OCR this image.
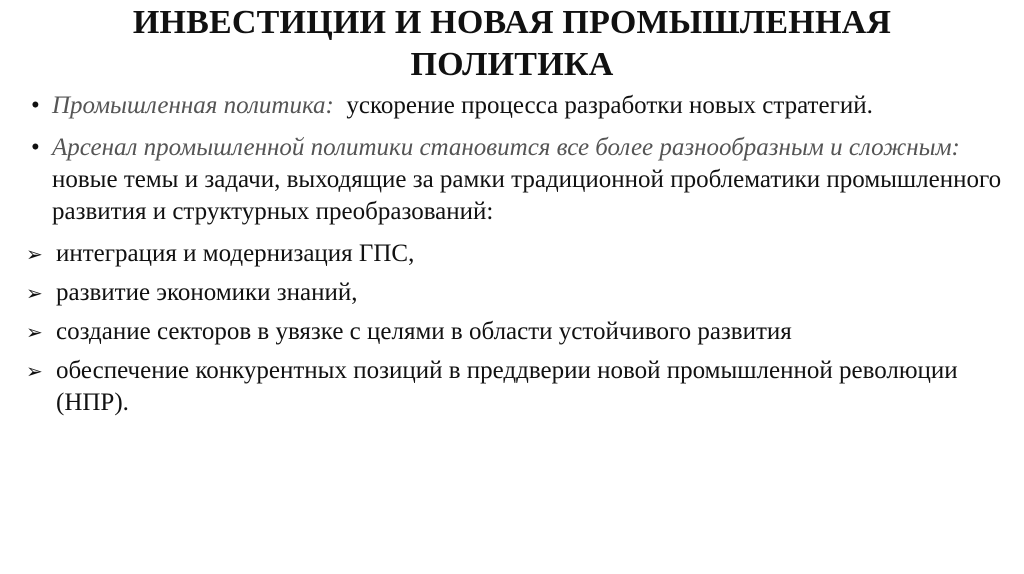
ИНВЕСТИЦИИ И НОВАЯ ПРОМЫШЛЕННАЯ
ПОЛИТИКА
• Промышленная политика: ускорение процесса разработки новых стратегий.
• Арсенал промышленной политики становится все более разнообразным и сложным: новые темы и задачи, выходящие за рамки традиционной проблематики промышленного развития и структурных преобразований:
➢ интеграция и модернизация ГПС,
➢ развитие экономики знаний,
➢ создание секторов в увязке с целями в области устойчивого развития
➢ обеспечение конкурентных позиций в преддверии новой промышленной революции (НПР).
